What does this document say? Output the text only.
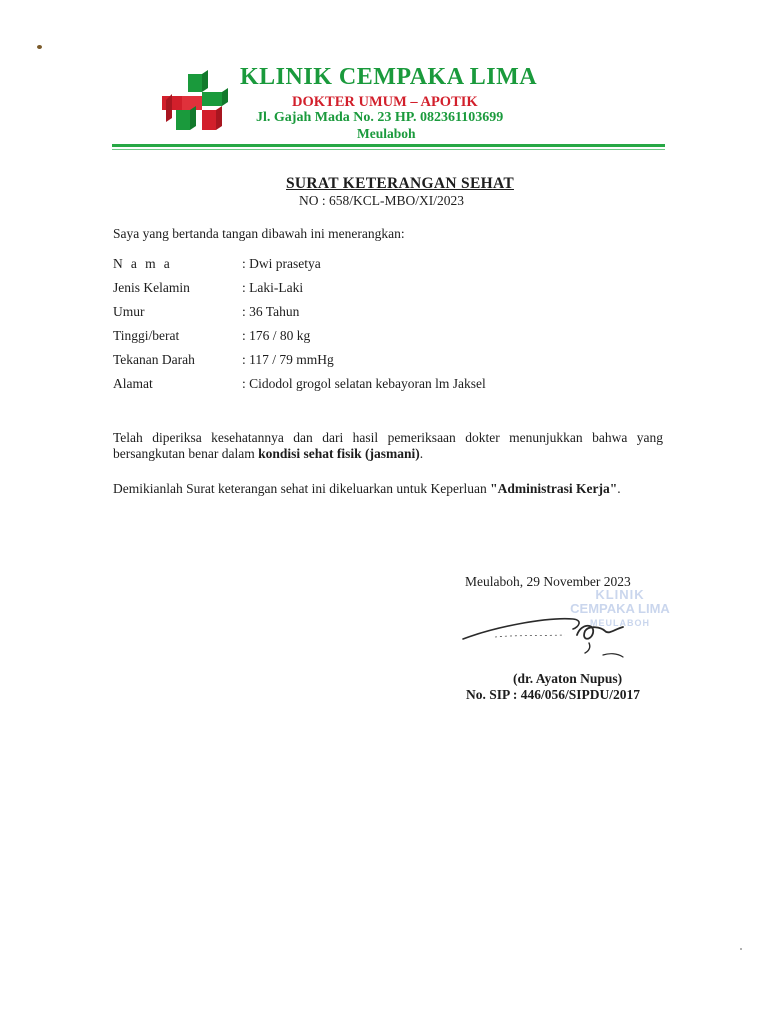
KLINIK CEMPAKA LIMA
DOKTER UMUM – APOTIK
Jl. Gajah Mada No. 23 HP. 082361103699
Meulaboh
SURAT KETERANGAN SEHAT
NO : 658/KCL-MBO/XI/2023
Saya yang bertanda tangan dibawah ini menerangkan:
N a m a	: Dwi prasetya
Jenis Kelamin	: Laki-Laki
Umur	: 36 Tahun
Tinggi/berat	: 176 / 80 kg
Tekanan Darah	: 117 / 79 mmHg
Alamat	: Cidodol grogol selatan kebayoran lm Jaksel
Telah diperiksa kesehatannya dan dari hasil pemeriksaan dokter menunjukkan bahwa yang bersangkutan benar dalam kondisi sehat fisik (jasmani).
Demikianlah Surat keterangan sehat ini dikeluarkan untuk Keperluan "Administrasi Kerja".
Meulaboh, 29 November 2023
KLINIK
CEMPAKA LIMA
MEULABOH
(dr. Ayaton Nupus)
No. SIP : 446/056/SIPDU/2017
